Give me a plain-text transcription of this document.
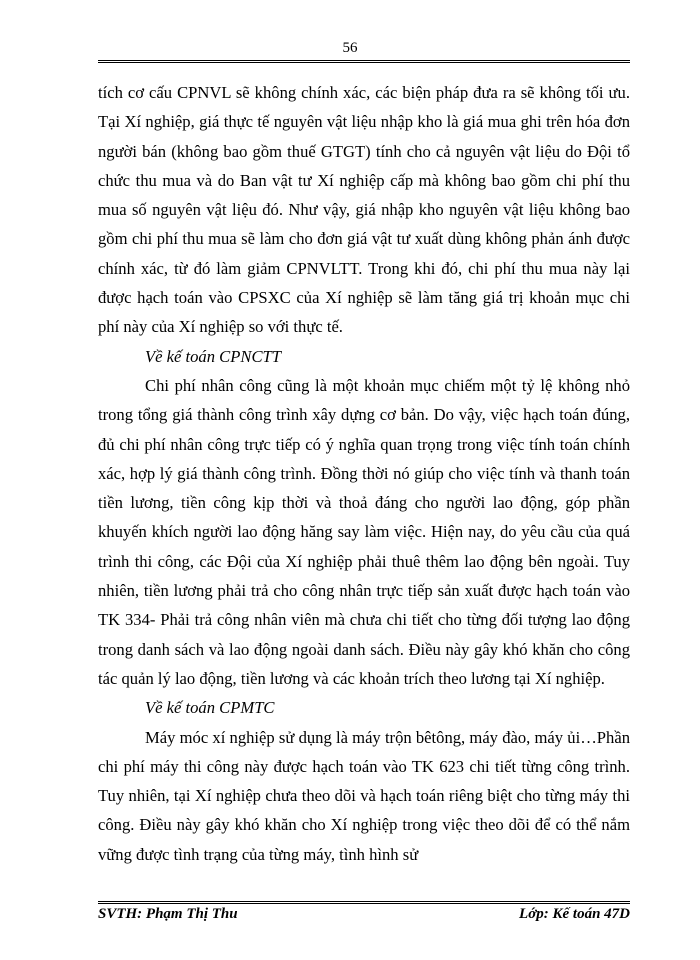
56

tích cơ cấu CPNVL sẽ không chính xác, các biện pháp đưa ra sẽ không tối ưu. Tại Xí nghiệp, giá thực tế nguyên vật liệu nhập kho là giá mua ghi trên hóa đơn người bán (không bao gồm thuế GTGT) tính cho cả nguyên vật liệu do Đội tổ chức thu mua và do Ban vật tư Xí nghiệp cấp mà không bao gồm chi phí thu mua số nguyên vật liệu đó. Như vậy, giá nhập kho nguyên vật liệu không bao gồm chi phí thu mua sẽ làm cho đơn giá vật tư xuất dùng không phản ánh được chính xác, từ đó làm giảm CPNVLTT. Trong khi đó, chi phí thu mua này lại được hạch toán vào CPSXC của Xí nghiệp sẽ làm tăng giá trị khoản mục chi phí này của Xí nghiệp so với thực tế.

Về kế toán CPNCTT

Chi phí nhân công cũng là một khoản mục chiếm một tỷ lệ không nhỏ trong tổng giá thành công trình xây dựng cơ bản. Do vậy, việc hạch toán đúng, đủ chi phí nhân công trực tiếp có ý nghĩa quan trọng trong việc tính toán chính xác, hợp lý giá thành công trình. Đồng thời nó giúp cho việc tính và thanh toán tiền lương, tiền công kịp thời và thoả đáng cho người lao động, góp phần khuyến khích người lao động hăng say làm việc. Hiện nay, do yêu cầu của quá trình thi công, các Đội của Xí nghiệp phải thuê thêm lao động bên ngoài. Tuy nhiên, tiền lương phải trả cho công nhân trực tiếp sản xuất được hạch toán vào TK 334- Phải trả công nhân viên mà chưa chi tiết cho từng đối tượng lao động trong danh sách và lao động ngoài danh sách. Điều này gây khó khăn cho công tác quản lý lao động, tiền lương và các khoản trích theo lương tại Xí nghiệp.

Về kế toán CPMTC

Máy móc xí nghiệp sử dụng là máy trộn bêtông, máy đào, máy ủi…Phần chi phí máy thi công này được hạch toán vào TK 623 chi tiết từng công trình. Tuy nhiên, tại Xí nghiệp chưa theo dõi và hạch toán riêng biệt cho từng máy thi công. Điều này gây khó khăn cho Xí nghiệp trong việc theo dõi để có thể nắm vững được tình trạng của từng máy, tình hình sử

SVTH: Phạm Thị Thu	Lớp: Kế toán 47D
